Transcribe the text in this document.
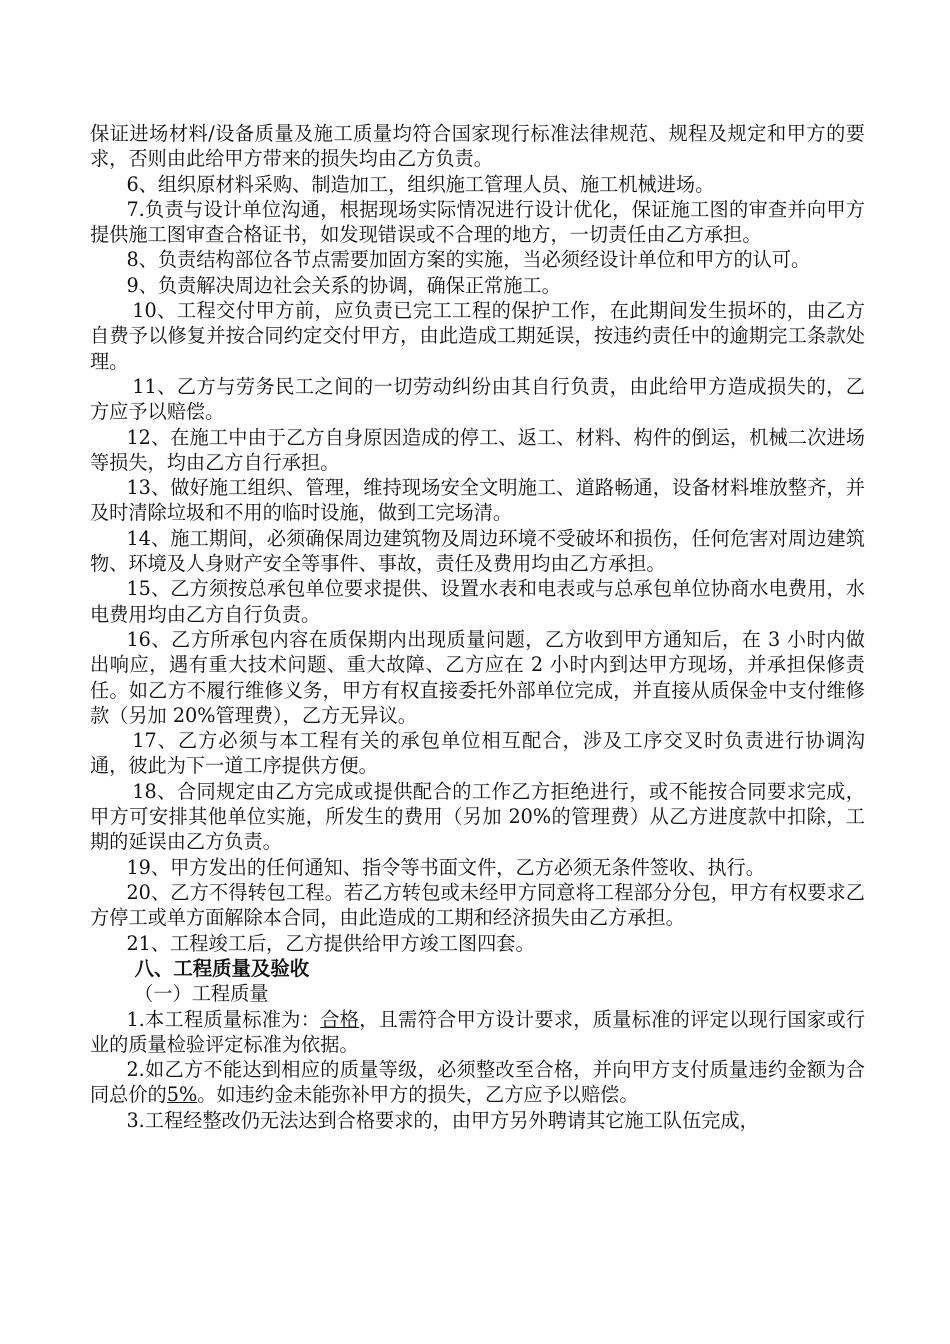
保证进场材料/设备质量及施工质量均符合国家现行标准法律规范、规程及规定和甲方的要求，否则由此给甲方带来的损失均由乙方负责。

6、组织原材料采购、制造加工，组织施工管理人员、施工机械进场。

7.负责与设计单位沟通，根据现场实际情况进行设计优化，保证施工图的审查并向甲方提供施工图审查合格证书，如发现错误或不合理的地方，一切责任由乙方承担。

8、负责结构部位各节点需要加固方案的实施，当必须经设计单位和甲方的认可。

9、负责解决周边社会关系的协调，确保正常施工。

10、工程交付甲方前，应负责已完工工程的保护工作，在此期间发生损坏的，由乙方自费予以修复并按合同约定交付甲方，由此造成工期延误，按违约责任中的逾期完工条款处理。

11、乙方与劳务民工之间的一切劳动纠纷由其自行负责，由此给甲方造成损失的，乙方应予以赔偿。

12、在施工中由于乙方自身原因造成的停工、返工、材料、构件的倒运，机械二次进场等损失，均由乙方自行承担。

13、做好施工组织、管理，维持现场安全文明施工、道路畅通，设备材料堆放整齐，并及时清除垃圾和不用的临时设施，做到工完场清。

14、施工期间，必须确保周边建筑物及周边环境不受破坏和损伤，任何危害对周边建筑物、环境及人身财产安全等事件、事故，责任及费用均由乙方承担。

15、乙方须按总承包单位要求提供、设置水表和电表或与总承包单位协商水电费用，水电费用均由乙方自行负责。

16、乙方所承包内容在质保期内出现质量问题，乙方收到甲方通知后，在 3 小时内做出响应，遇有重大技术问题、重大故障、乙方应在 2 小时内到达甲方现场，并承担保修责任。如乙方不履行维修义务，甲方有权直接委托外部单位完成，并直接从质保金中支付维修款（另加 20%管理费），乙方无异议。

17、乙方必须与本工程有关的承包单位相互配合，涉及工序交叉时负责进行协调沟通，彼此为下一道工序提供方便。

18、合同规定由乙方完成或提供配合的工作乙方拒绝进行，或不能按合同要求完成，甲方可安排其他单位实施，所发生的费用（另加 20%的管理费）从乙方进度款中扣除，工期的延误由乙方负责。

19、甲方发出的任何通知、指令等书面文件，乙方必须无条件签收、执行。

20、乙方不得转包工程。若乙方转包或未经甲方同意将工程部分分包，甲方有权要求乙方停工或单方面解除本合同，由此造成的工期和经济损失由乙方承担。

21、工程竣工后，乙方提供给甲方竣工图四套。

八、工程质量及验收

（一）工程质量

1.本工程质量标准为：合格，且需符合甲方设计要求，质量标准的评定以现行国家或行业的质量检验评定标准为依据。

2.如乙方不能达到相应的质量等级，必须整改至合格，并向甲方支付质量违约金额为合同总价的5%。如违约金未能弥补甲方的损失，乙方应予以赔偿。

3.工程经整改仍无法达到合格要求的，由甲方另外聘请其它施工队伍完成，
